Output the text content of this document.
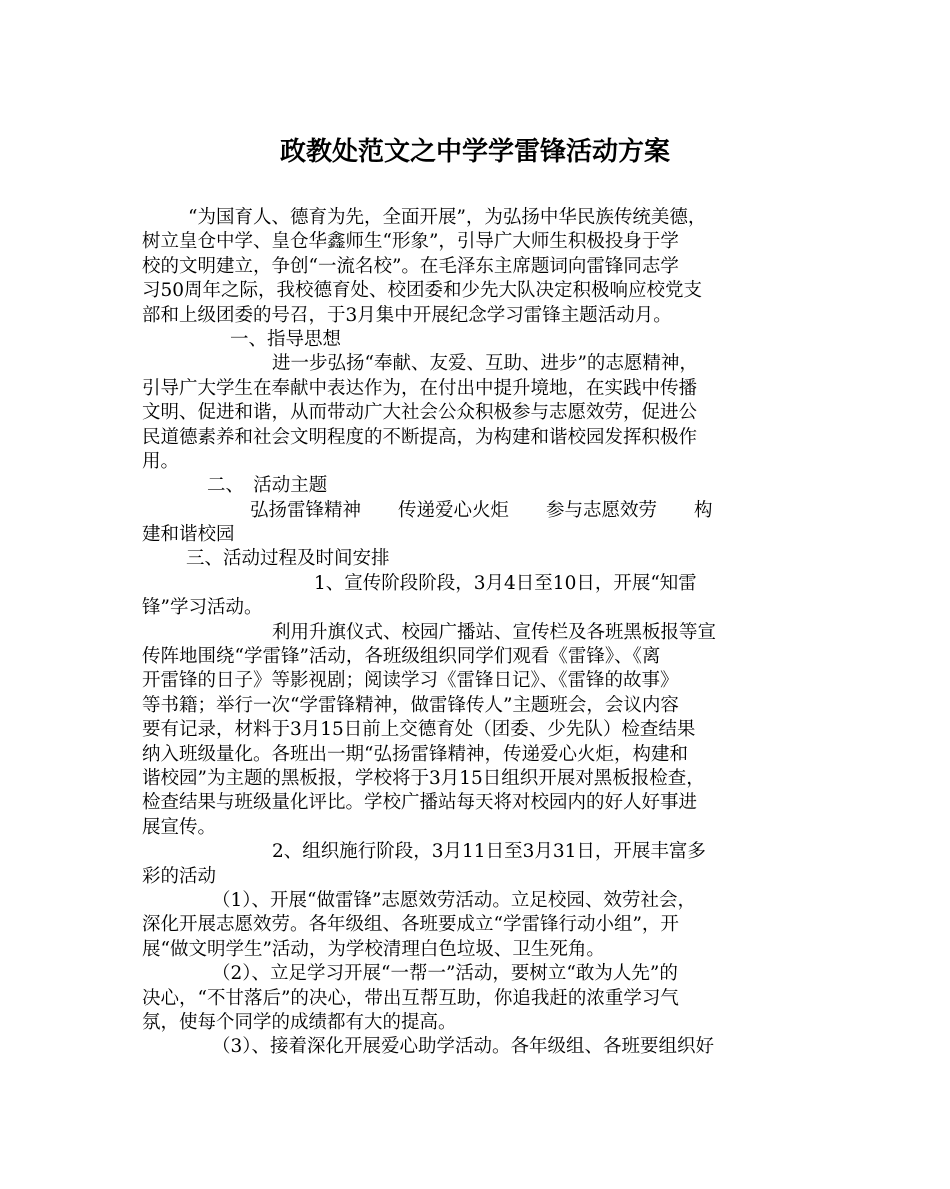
政教处范文之中学学雷锋活动方案
“为国育人、德育为先，全面开展”，为弘扬中华民族传统美德，
树立皇仓中学、皇仓华鑫师生“形象”，引导广大师生积极投身于学
校的文明建立，争创“一流名校”。在毛泽东主席题词向雷锋同志学
习50周年之际，我校德育处、校团委和少先大队决定积极响应校党支
部和上级团委的号召，于3月集中开展纪念学习雷锋主题活动月。
一、指导思想
进一步弘扬“奉献、友爱、互助、进步”的志愿精神，
引导广大学生在奉献中表达作为，在付出中提升境地，在实践中传播
文明、促进和谐，从而带动广大社会公众积极参与志愿效劳，促进公
民道德素养和社会文明程度的不断提高，为构建和谐校园发挥积极作
用。
二、　活动主题
弘扬雷锋精神　　传递爱心火炬　　参与志愿效劳　　构
建和谐校园
三、活动过程及时间安排
1、宣传阶段阶段，3月4日至10日，开展“知雷
锋”学习活动。
利用升旗仪式、校园广播站、宣传栏及各班黑板报等宣
传阵地围绕“学雷锋”活动，各班级组织同学们观看《雷锋》、《离
开雷锋的日子》等影视剧；阅读学习《雷锋日记》、《雷锋的故事》
等书籍；举行一次“学雷锋精神，做雷锋传人”主题班会，会议内容
要有记录，材料于3月15日前上交德育处（团委、少先队）检查结果
纳入班级量化。各班出一期“弘扬雷锋精神，传递爱心火炬，构建和
谐校园”为主题的黑板报，学校将于3月15日组织开展对黑板报检查，
检查结果与班级量化评比。学校广播站每天将对校园内的好人好事进
展宣传。
2、组织施行阶段，3月11日至3月31日，开展丰富多
彩的活动
（1）、开展“做雷锋”志愿效劳活动。立足校园、效劳社会，
深化开展志愿效劳。各年级组、各班要成立“学雷锋行动小组”，开
展“做文明学生”活动，为学校清理白色垃圾、卫生死角。
（2）、立足学习开展“一帮一”活动，要树立“敢为人先”的
决心，“不甘落后”的决心，带出互帮互助，你追我赶的浓重学习气
氛，使每个同学的成绩都有大的提高。
（3）、接着深化开展爱心助学活动。各年级组、各班要组织好
